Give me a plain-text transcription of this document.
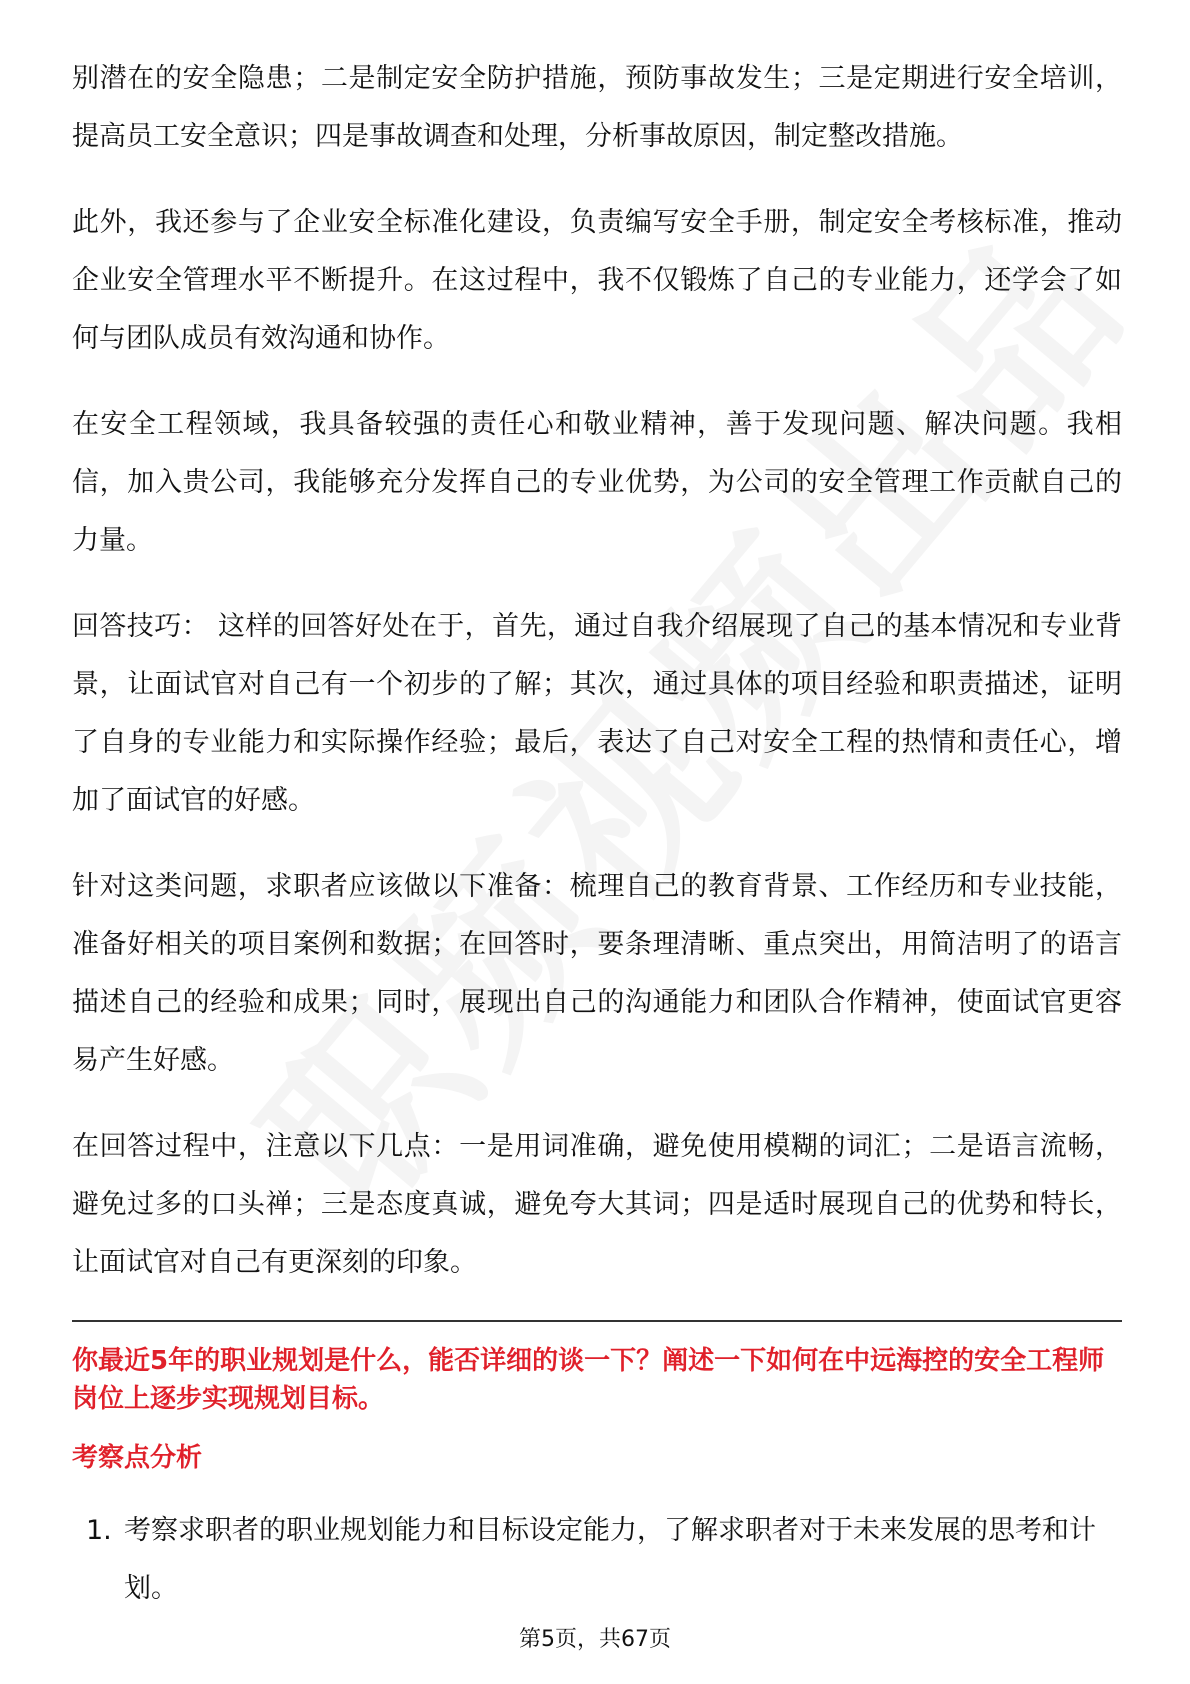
别潜在的安全隐患；二是制定安全防护措施，预防事故发生；三是定期进行安全培训，提高员工安全意识；四是事故调查和处理，分析事故原因，制定整改措施。

此外，我还参与了企业安全标准化建设，负责编写安全手册，制定安全考核标准，推动企业安全管理水平不断提升。在这过程中，我不仅锻炼了自己的专业能力，还学会了如何与团队成员有效沟通和协作。

在安全工程领域，我具备较强的责任心和敬业精神，善于发现问题、解决问题。我相信，加入贵公司，我能够充分发挥自己的专业优势，为公司的安全管理工作贡献自己的力量。

回答技巧： 这样的回答好处在于，首先，通过自我介绍展现了自己的基本情况和专业背景，让面试官对自己有一个初步的了解；其次，通过具体的项目经验和职责描述，证明了自身的专业能力和实际操作经验；最后，表达了自己对安全工程的热情和责任心，增加了面试官的好感。

针对这类问题，求职者应该做以下准备：梳理自己的教育背景、工作经历和专业技能，准备好相关的项目案例和数据；在回答时，要条理清晰、重点突出，用简洁明了的语言描述自己的经验和成果；同时，展现出自己的沟通能力和团队合作精神，使面试官更容易产生好感。

在回答过程中，注意以下几点：一是用词准确，避免使用模糊的词汇；二是语言流畅，避免过多的口头禅；三是态度真诚，避免夸大其词；四是适时展现自己的优势和特长，让面试官对自己有更深刻的印象。

你最近5年的职业规划是什么，能否详细的谈一下？阐述一下如何在中远海控的安全工程师岗位上逐步实现规划目标。
考察点分析
1. 考察求职者的职业规划能力和目标设定能力，了解求职者对于未来发展的思考和计划。
第5页，共67页
